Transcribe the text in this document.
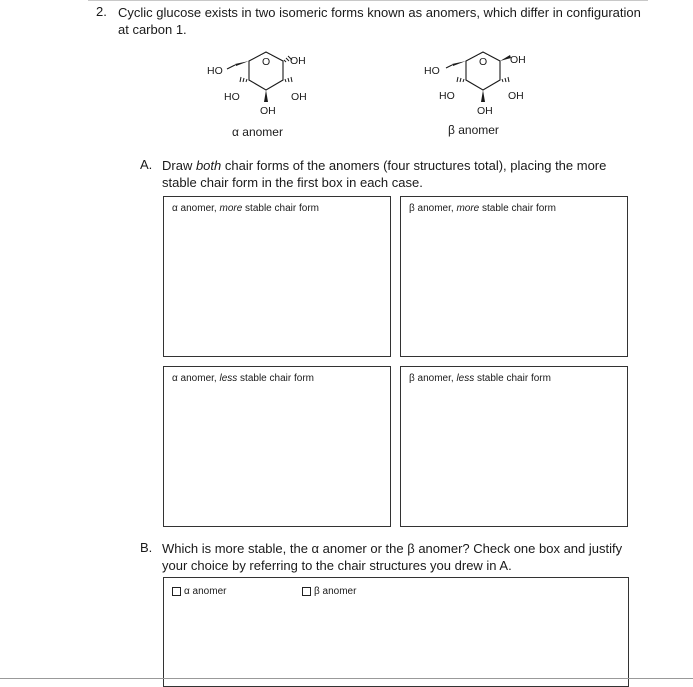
2. Cyclic glucose exists in two isomeric forms known as anomers, which differ in configuration at carbon 1.
O
HO
OH
HO	OH
OH
α anomer
O
HO
OH
HO	OH
OH
β anomer
A. Draw both chair forms of the anomers (four structures total), placing the more stable chair form in the first box in each case.
α anomer, more stable chair form	β anomer, more stable chair form
α anomer, less stable chair form	β anomer, less stable chair form
B. Which is more stable, the α anomer or the β anomer? Check one box and justify your choice by referring to the chair structures you drew in A.
α anomer	β anomer
